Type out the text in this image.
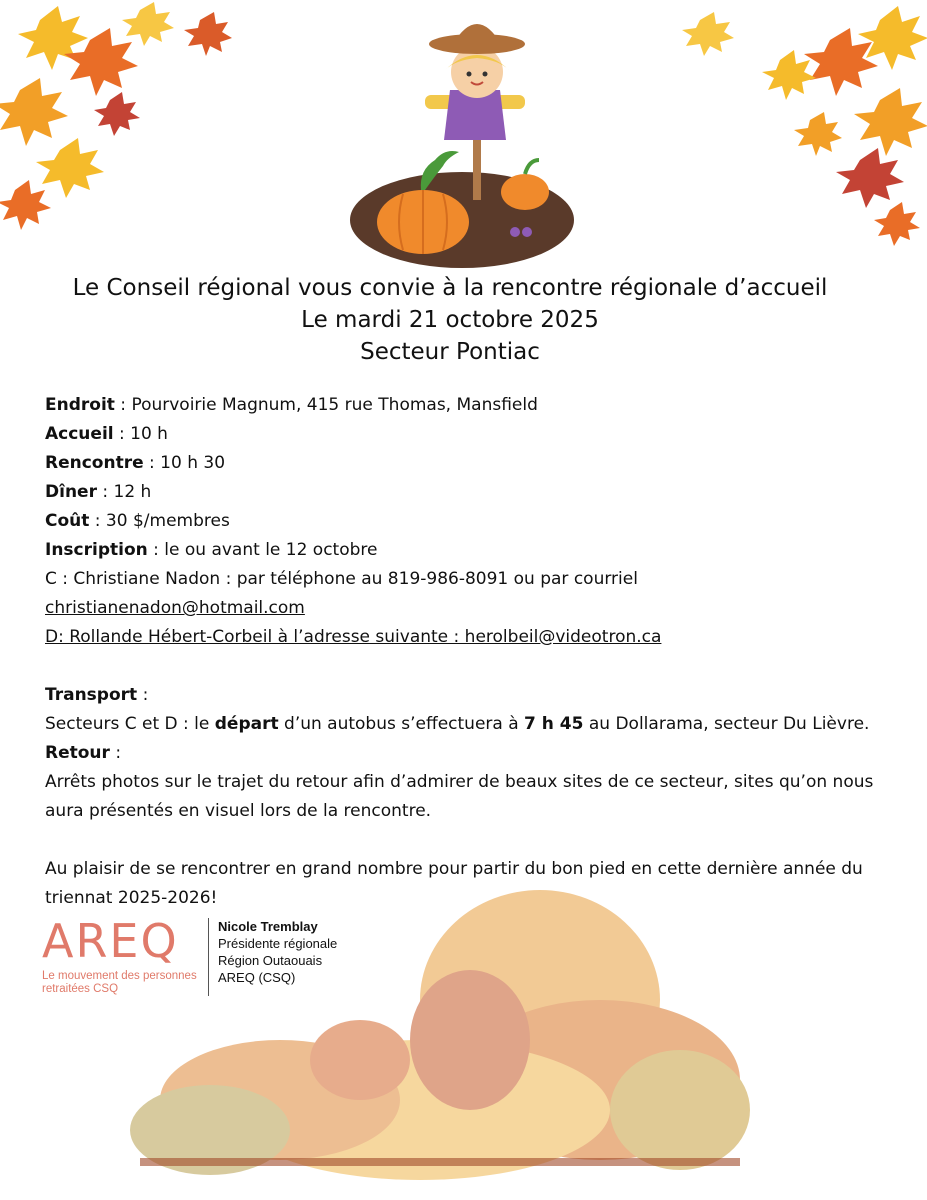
Le Conseil régional vous convie à la rencontre régionale d’accueil
Le mardi 21 octobre 2025
Secteur Pontiac
Endroit : Pourvoirie Magnum, 415 rue Thomas, Mansfield
Accueil : 10 h
Rencontre : 10 h 30
Dîner : 12 h
Coût : 30 $/membres
Inscription : le ou avant le 12 octobre
C : Christiane Nadon : par téléphone au 819-986-8091 ou par courriel
christianenadon@hotmail.com
D: Rollande Hébert-Corbeil à l’adresse suivante : herolbeil@videotron.ca
Transport :
Secteurs C et D : le départ d’un autobus s’effectuera à 7 h 45 au Dollarama, secteur Du Lièvre.
Retour :
Arrêts photos sur le trajet du retour afin d’admirer de beaux sites de ce secteur, sites qu’on nous aura présentés en visuel lors de la rencontre.
Au plaisir de se rencontrer en grand nombre pour partir du bon pied en cette dernière année du triennat 2025-2026!
AREQ
Le mouvement des personnes retraitées CSQ
Nicole Tremblay
Présidente régionale
Région Outaouais
AREQ (CSQ)
